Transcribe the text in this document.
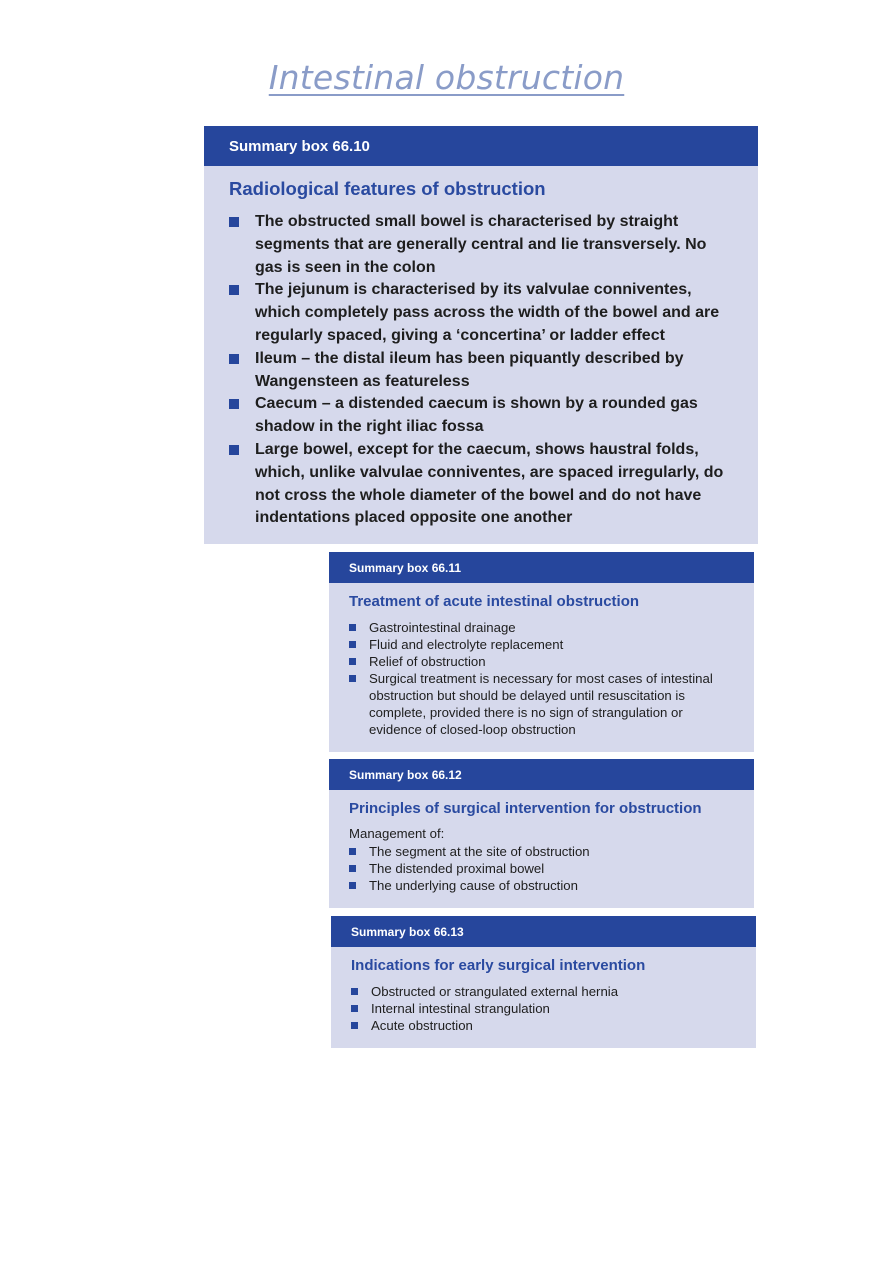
Intestinal obstruction
Summary box 66.10
Radiological features of obstruction
The obstructed small bowel is characterised by straight segments that are generally central and lie transversely. No gas is seen in the colon
The jejunum is characterised by its valvulae conniventes, which completely pass across the width of the bowel and are regularly spaced, giving a ‘concertina’ or ladder effect
Ileum – the distal ileum has been piquantly described by Wangensteen as featureless
Caecum – a distended caecum is shown by a rounded gas shadow in the right iliac fossa
Large bowel, except for the caecum, shows haustral folds, which, unlike valvulae conniventes, are spaced irregularly, do not cross the whole diameter of the bowel and do not have indentations placed opposite one another
Summary box 66.11
Treatment of acute intestinal obstruction
Gastrointestinal drainage
Fluid and electrolyte replacement
Relief of obstruction
Surgical treatment is necessary for most cases of intestinal obstruction but should be delayed until resuscitation is complete, provided there is no sign of strangulation or evidence of closed-loop obstruction
Summary box 66.12
Principles of surgical intervention for obstruction
Management of:
The segment at the site of obstruction
The distended proximal bowel
The underlying cause of obstruction
Summary box 66.13
Indications for early surgical intervention
Obstructed or strangulated external hernia
Internal intestinal strangulation
Acute obstruction
